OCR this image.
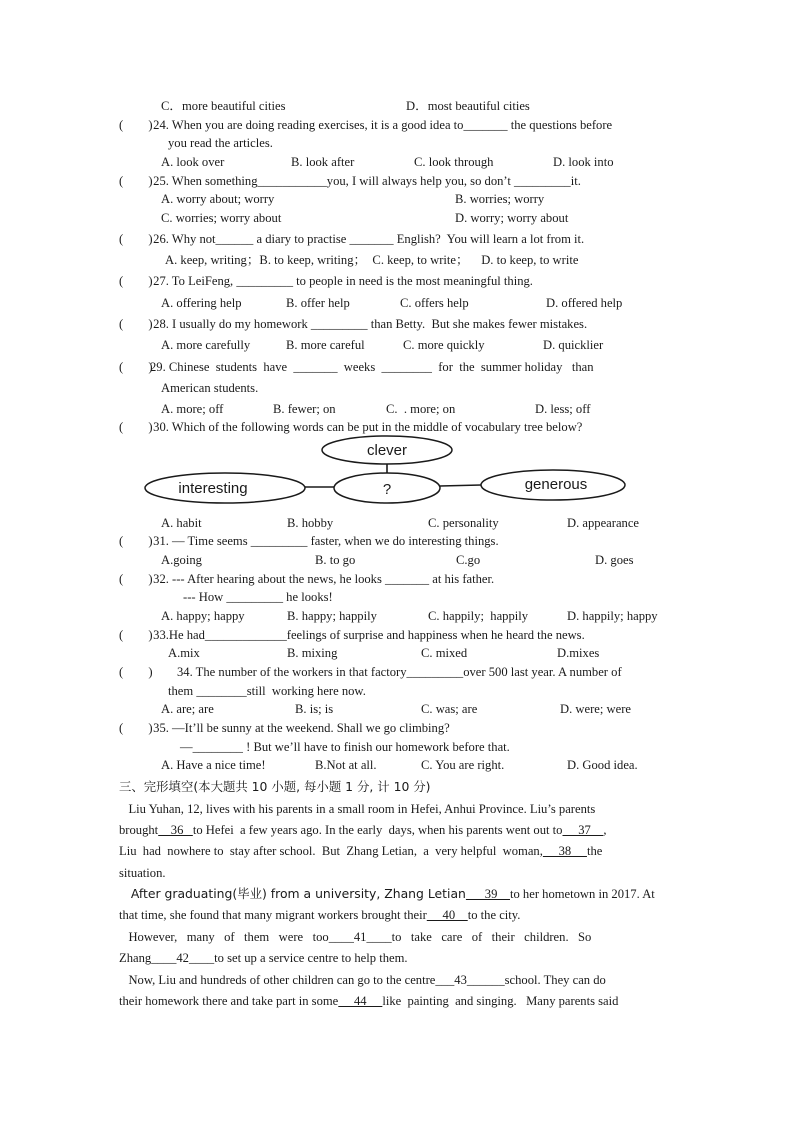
C．more beautiful cities	D．most beautiful cities
(　　)
24. When you are doing reading exercises, it is a good idea to_______ the questions before
you read the articles.
A. look over	B. look after	C. look through	D. look into
(　　)
25. When something___________you, I will always help you, so don’t _________it.
A. worry about; worry	B. worries; worry
C. worries; worry about	D. worry; worry about
(　　)
26. Why not______ a diary to practise _______ English?  You will learn a lot from it.
A. keep, writing；B. to keep, writing；  C. keep, to write；    D. to keep, to write
(　　)
27. To LeiFeng, _________ to people in need is the most meaningful thing.
A. offering help	B. offer help	C. offers help	D. offered help
(　　)
28. I usually do my homework _________ than Betty.  But she makes fewer mistakes.
A. more carefully	B. more careful	C. more quickly	D. quicklier
(　　)
29. Chinese  students  have  _______  weeks  ________  for  the  summer holiday   than
American students.
A. more; off	B. fewer; on	C.  . more; on	D. less; off
(　　)
30. Which of the following words can be put in the middle of vocabulary tree below?
clever
interesting	?	generous
A. habit	B. hobby	C. personality	D. appearance
(　　)
31. — Time seems _________ faster, when we do interesting things.
A.going	B. to go	C.go	D. goes
(　　)
32. --- After hearing about the news, he looks _______ at his father.
--- How _________ he looks!
A. happy; happy	B. happy; happily	C. happily;  happily	D. happily; happy
(　　)
33.He had_____________feelings of surprise and happiness when he heard the news.
A.mix	B. mixing	C. mixed	D.mixes
(　　) 34. The number of the workers in that factory_________over 500 last year. A number of
them ________still  working here now.
A. are; are	B. is; is	C. was; are	D. were; were
(　　)
35. —It’ll be sunny at the weekend. Shall we go climbing?
—________ ! But we’ll have to finish our homework before that.
A. Have a nice time!	B.Not at all.	C. You are right.	D. Good idea.
三、完形填空(本大题共 10 小题, 每小题 1 分, 计 10 分)
Liu Yuhan, 12, lives with his parents in a small room in Hefei, Anhui Province. Liu’s parents
brought    36   to Hefei  a few years ago. In the early  days, when his parents went out to     37    ,
Liu  had  nowhere to  stay after school.  But  Zhang Letian,  a  very helpful  woman,     38     the
situation.
After graduating(毕业) from a university, Zhang Letian      39    to her hometown in 2017. At
that time, she found that many migrant workers brought their     40    to the city.
However,   many   of   them   were   too____41____to   take   care   of   their   children.   So
Zhang____42____to set up a service centre to help them.
Now, Liu and hundreds of other children can go to the centre___43______school. They can do
their homework there and take part in some     44     like  painting  and singing.   Many parents said
